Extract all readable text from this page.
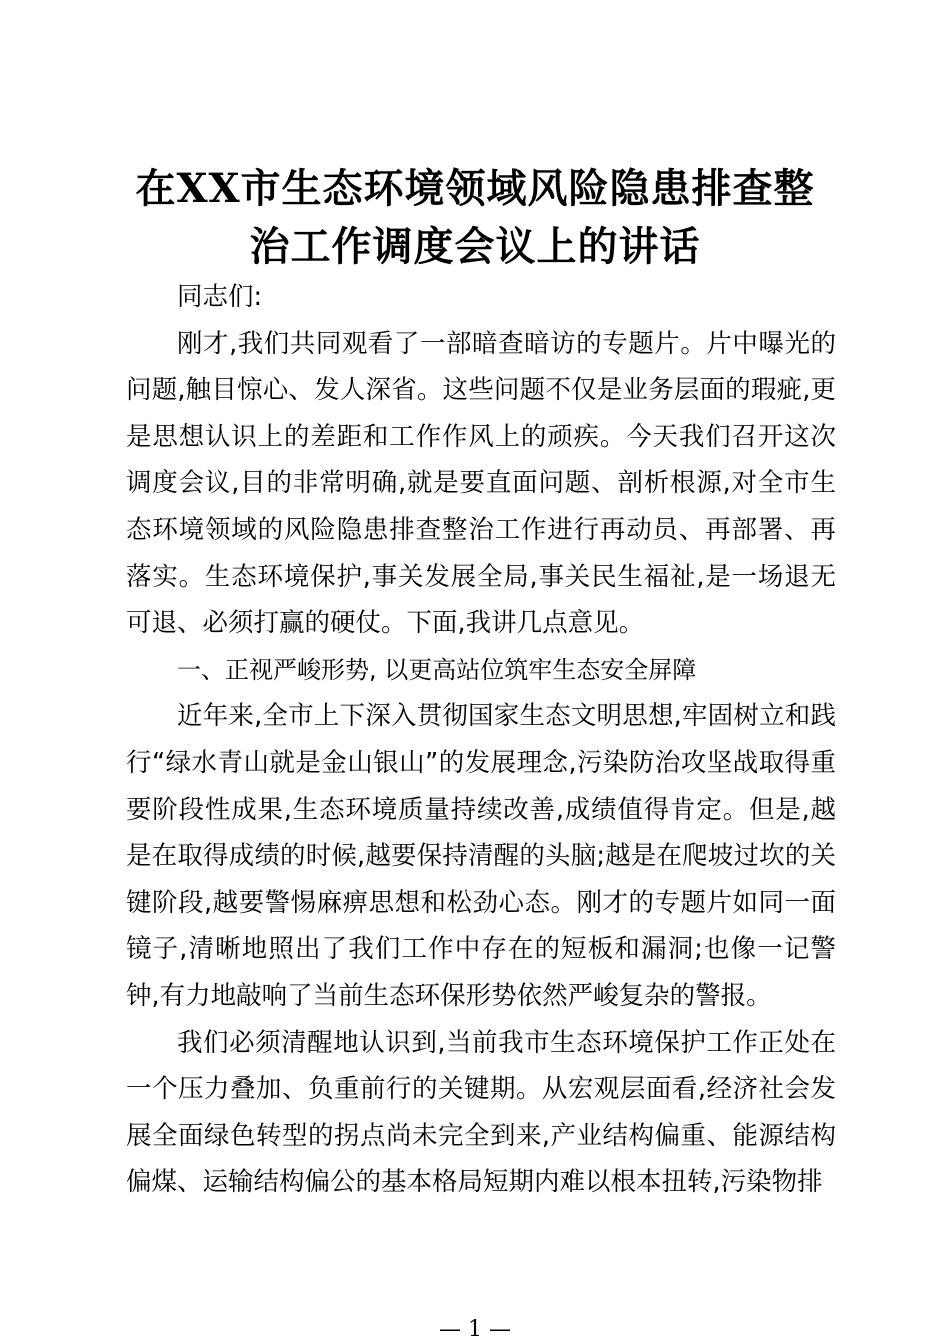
在XX市生态环境领域风险隐患排查整
治工作调度会议上的讲话

同志们:

刚才,我们共同观看了一部暗查暗访的专题片。片中曝光的问题,触目惊心、发人深省。这些问题不仅是业务层面的瑕疵,更是思想认识上的差距和工作作风上的顽疾。今天我们召开这次调度会议,目的非常明确,就是要直面问题、剖析根源,对全市生态环境领域的风险隐患排查整治工作进行再动员、再部署、再落实。生态环境保护,事关发展全局,事关民生福祉,是一场退无可退、必须打赢的硬仗。下面,我讲几点意见。

一、正视严峻形势, 以更高站位筑牢生态安全屏障

近年来,全市上下深入贯彻国家生态文明思想,牢固树立和践行“绿水青山就是金山银山”的发展理念,污染防治攻坚战取得重要阶段性成果,生态环境质量持续改善,成绩值得肯定。但是,越是在取得成绩的时候,越要保持清醒的头脑;越是在爬坡过坎的关键阶段,越要警惕麻痹思想和松劲心态。刚才的专题片如同一面镜子,清晰地照出了我们工作中存在的短板和漏洞;也像一记警钟,有力地敲响了当前生态环保形势依然严峻复杂的警报。

我们必须清醒地认识到,当前我市生态环境保护工作正处在一个压力叠加、负重前行的关键期。从宏观层面看,经济社会发展全面绿色转型的拐点尚未完全到来,产业结构偏重、能源结构偏煤、运输结构偏公的基本格局短期内难以根本扭转,污染物排

— 1 —
